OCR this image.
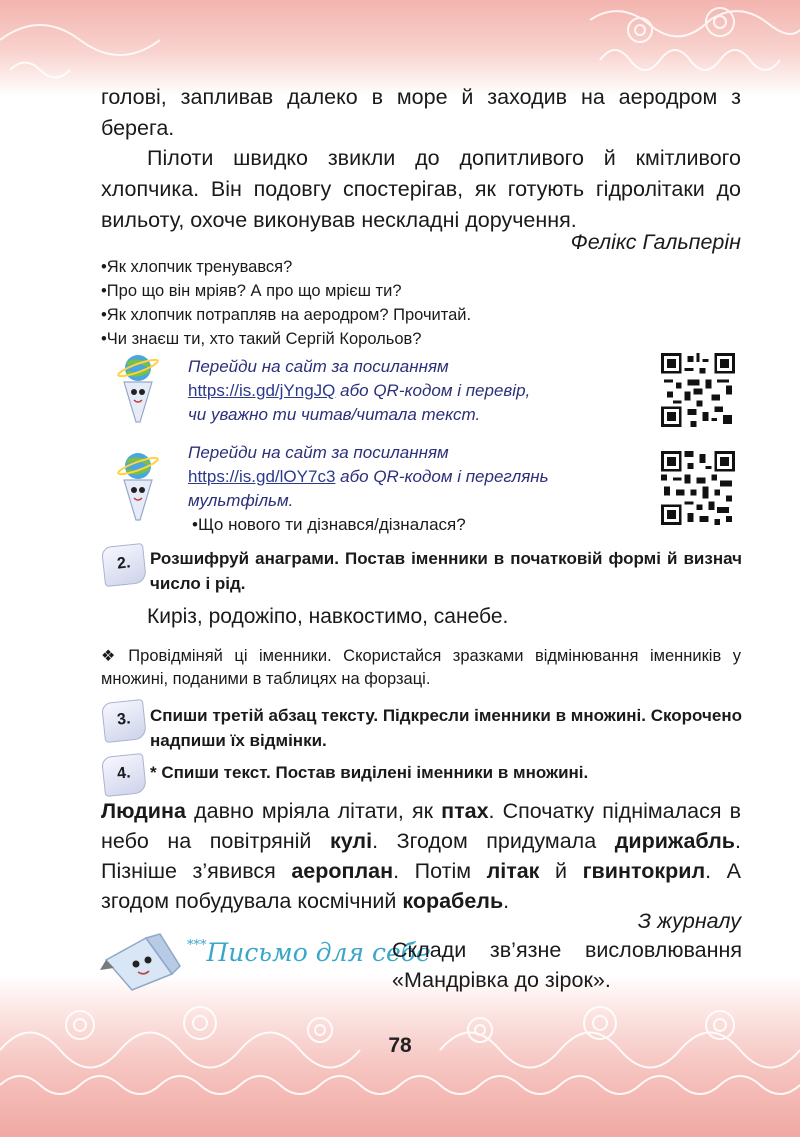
78
голові, запливав далеко в море й заходив на аеродром з берега.
Пілоти швидко звикли до допитливого й кмітливого хлопчика. Він подовгу спостерігав, як готують гідролітаки до вильоту, охоче виконував нескладні доручення.
Фелікс Гальперін
• Як хлопчик тренувався?
• Про що він мріяв? А про що мрієш ти?
• Як хлопчик потрапляв на аеродром? Прочитай.
• Чи знаєш ти, хто такий Сергій Корольов?
Перейди на сайт за посиланням
https://is.gd/jYngJQ або QR-кодом і перевір,
чи уважно ти читав/читала текст.
Перейди на сайт за посиланням
https://is.gd/lOY7c3 або QR-кодом і переглянь
мультфільм.
• Що нового ти дізнався/дізналася?
2.	Розшифруй анаграми. Постав іменники в початковій формі й визнач число і рід.
Киріз, родожіпо, навкостимо, санебе.
❖ Провідміняй ці іменники. Скористайся зразками відмінювання іменників у множині, поданими в таблицях на форзаці.
3.	Спиши третій абзац тексту. Підкресли іменники в множині. Скорочено надпиши їх відмінки.
4.	* Спиши текст. Постав виділені іменники в множині.
Людина давно мріяла літати, як птах. Спочатку піднімалася в небо на повітряній кулі. Згодом придумала дирижабль. Пізніше з’явився аероплан. Потім літак й гвинтокрил. А згодом побудувала космічний корабель.
З журналу
***Письмо для себе
Склади зв’язне висловлювання «Мандрівка до зірок».
